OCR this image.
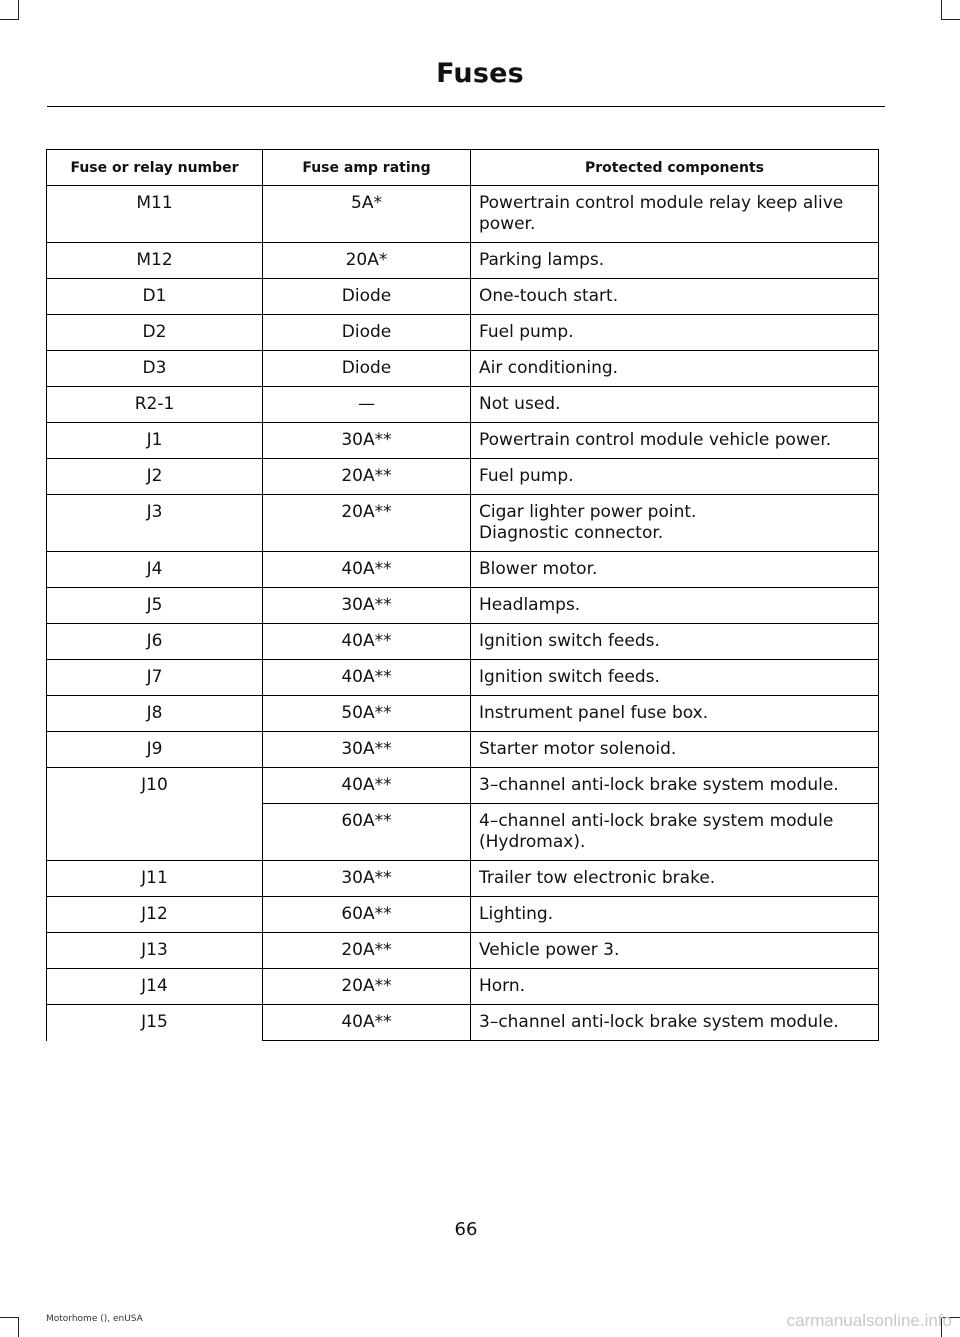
Fuses
Fuse or relay number	Fuse amp rating	Protected components
M11	5A*	Powertrain control module relay keep alive power.
M12	20A*	Parking lamps.
D1	Diode	One-touch start.
D2	Diode	Fuel pump.
D3	Diode	Air conditioning.
R2-1	—	Not used.
J1	30A**	Powertrain control module vehicle power.
J2	20A**	Fuel pump.
J3	20A**	Cigar lighter power point.
Diagnostic connector.

J4	40A**	Blower motor.
J5	30A**	Headlamps.
J6	40A**	Ignition switch feeds.
J7	40A**	Ignition switch feeds.
J8	50A**	Instrument panel fuse box.
J9	30A**	Starter motor solenoid.
J10	40A**	3–channel anti-lock brake system module.
	60A**	4–channel anti-lock brake system module (Hydromax).
J11	30A**	Trailer tow electronic brake.
J12	60A**	Lighting.
J13	20A**	Vehicle power 3.
J14	20A**	Horn.
J15	40A**	3–channel anti-lock brake system module.
66
Motorhome (), enUSA	carmanualsonline.info
